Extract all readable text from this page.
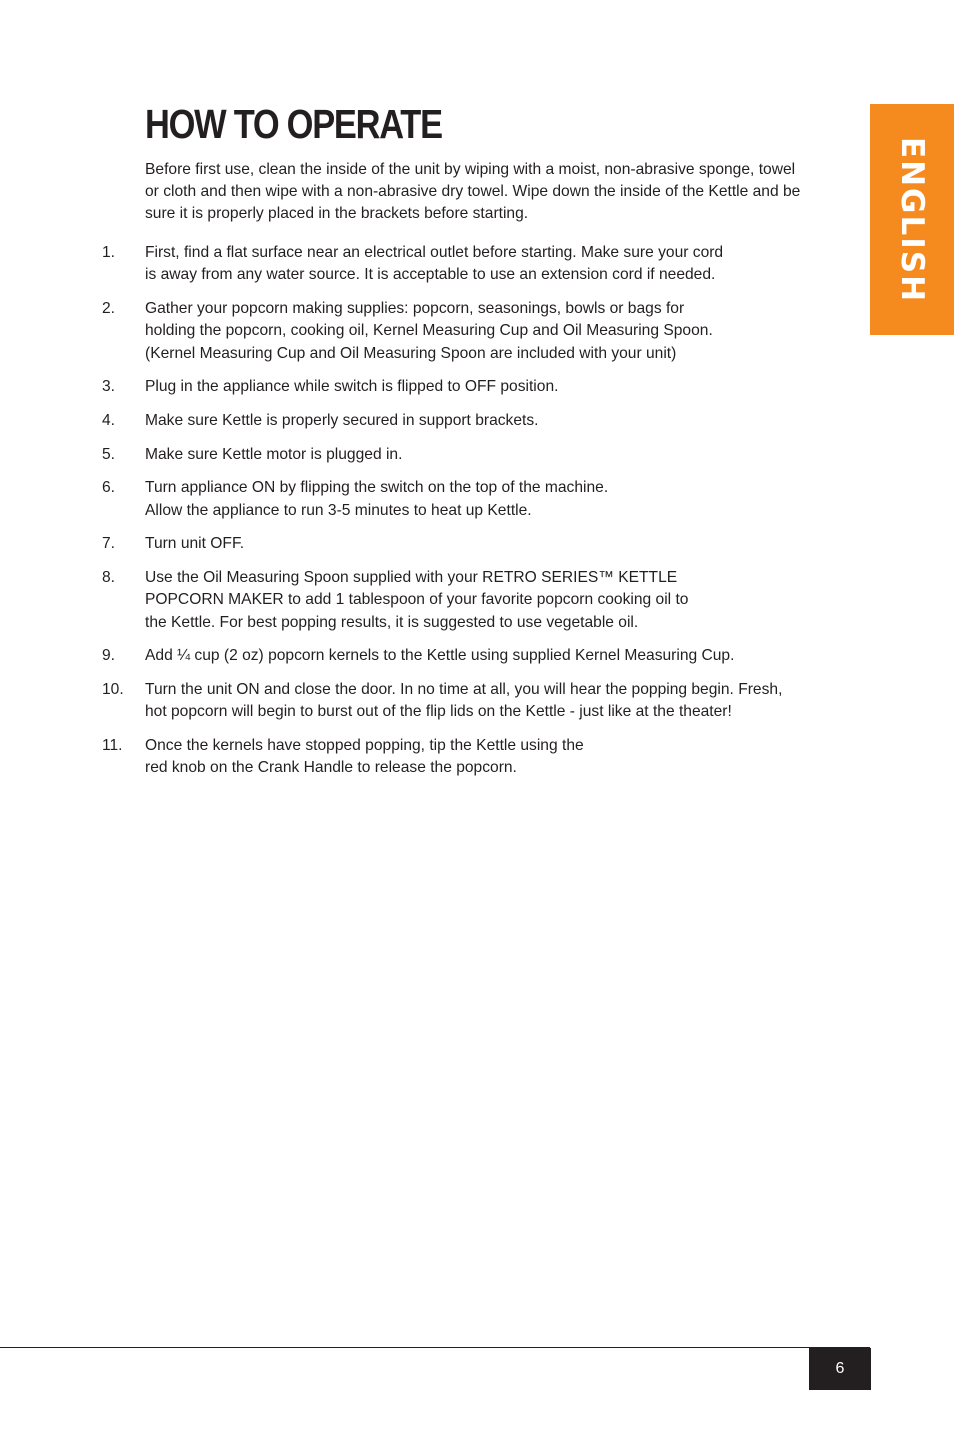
ENGLISH
HOW TO OPERATE

Before first use, clean the inside of the unit by wiping with a moist, non-abrasive sponge, towel or cloth and then wipe with a non-abrasive dry towel. Wipe down the inside of the Kettle and be sure it is properly placed in the brackets before starting.

1.	First, find a flat surface near an electrical outlet before starting. Make sure your cord
is away from any water source. It is acceptable to use an extension cord if needed.
2.	Gather your popcorn making supplies: popcorn, seasonings, bowls or bags for
holding the popcorn, cooking oil, Kernel Measuring Cup and Oil Measuring Spoon.
(Kernel Measuring Cup and Oil Measuring Spoon are included with your unit)
3.	Plug in the appliance while switch is flipped to OFF position.
4.	Make sure Kettle is properly secured in support brackets.
5.	Make sure Kettle motor is plugged in.
6.	Turn appliance ON by flipping the switch on the top of the machine.
Allow the appliance to run 3-5 minutes to heat up Kettle.
7.	Turn unit OFF.
8.	Use the Oil Measuring Spoon supplied with your RETRO SERIES™ KETTLE
POPCORN MAKER to add 1 tablespoon of your favorite popcorn cooking oil to
the Kettle. For best popping results, it is suggested to use vegetable oil.
9.	Add ¼ cup (2 oz) popcorn kernels to the Kettle using supplied Kernel Measuring Cup.
10.	Turn the unit ON and close the door. In no time at all, you will hear the popping begin. Fresh,
hot popcorn will begin to burst out of the flip lids on the Kettle - just like at the theater!
11.	Once the kernels have stopped popping, tip the Kettle using the
red knob on the Crank Handle to release the popcorn.
6
